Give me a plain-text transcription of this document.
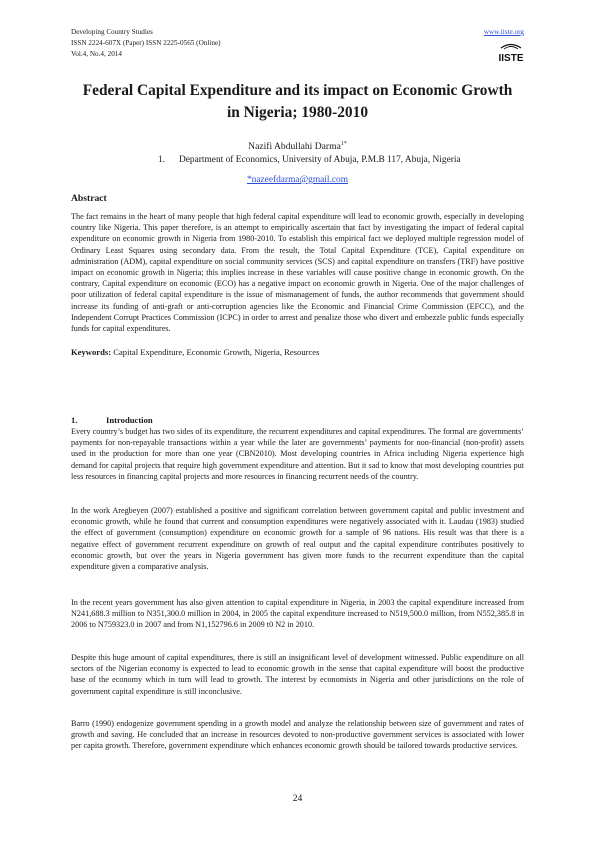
Developing Country Studies
ISSN 2224-607X (Paper) ISSN 2225-0565 (Online)
Vol.4, No.4, 2014
www.iiste.org
IISTE
Federal Capital Expenditure and its impact on Economic Growth
in Nigeria; 1980-2010
Nazifi Abdullahi Darma$^{1*}$
1. Department of Economics, University of Abuja, P.M.B 117, Abuja, Nigeria
*nazeefdarma@gmail.com
Abstract

The fact remains in the heart of many people that high federal capital expenditure will lead to economic growth, especially in developing country like Nigeria. This paper therefore, is an attempt to empirically ascertain that fact by investigating the impact of federal capital expenditure on economic growth in Nigeria from 1980-2010. To establish this empirical fact we deployed multiple regression model of Ordinary Least Squares using secondary data. From the result, the Total Capital Expenditure (TCE), Capital expenditure on administration (ADM), capital expenditure on social community services (SCS) and capital expenditure on transfers (TRF) have positive impact on economic growth in Nigeria; this implies increase in these variables will cause positive change in economic growth. On the contrary, Capital expenditure on economic (ECO) has a negative impact on economic growth in Nigeria. One of the major challenges of poor utilization of federal capital expenditure is the issue of mismanagement of funds, the author recommends that government should increase its funding of anti-graft or anti-corruption agencies like the Economic and Financial Crime Commission (EFCC), and the Independent Corrupt Practices Commission (ICPC) in order to arrest and penalize those who divert and embezzle public funds especially funds for capital expenditures.

Keywords: Capital Expenditure, Economic Growth, Nigeria, Resources
1.	Introduction

Every country’s budget has two sides of its expenditure, the recurrent expenditures and capital expenditures. The formal are governments’ payments for non-repayable transactions within a year while the later are governments’ payments for non-financial (non-profit) assets used in the production for more than one year (CBN2010). Most developing countries in Africa including Nigeria experience high demand for capital projects that require high government expenditure and attention. But it sad to know that most developing countries put less resources in financing capital projects and more resources in financing recurrent needs of the country.

In the work Aregbeyen (2007) established a positive and significant correlation between government capital and public investment and economic growth, while he found that current and consumption expenditures were negatively associated with it. Laudau (1983) studied the effect of government (consumption) expenditure on economic growth for a sample of 96 nations. His result was that there is a negative effect of government recurrent expenditure on growth of real output and the capital expenditure contributes positively to economic growth, but over the years in Nigeria government has given more funds to the recurrent expenditure than the capital expenditure given a comparative analysis.

In the recent years government has also given attention to capital expenditure in Nigeria, in 2003 the capital expenditure increased from N241,688.3 million to N351,300.0 million in 2004, in 2005 the capital expenditure increased to N519,500.0 million, from N552,385.8 in 2006 to N759323.0 in 2007 and from N1,152796.6 in 2009 t0 N2 in 2010.

Despite this huge amount of capital expenditures, there is still an insignificant level of development witnessed. Public expenditure on all sectors of the Nigerian economy is expected to lead to economic growth in the sense that capital expenditure will boost the productive base of the economy which in turn will lead to growth. The interest by economists in Nigeria and other jurisdictions on the role of government capital expenditure is still inconclusive.

Barro (1990) endogenize government spending in a growth model and analyze the relationship between size of government and rates of growth and saving. He concluded that an increase in resources devoted to non-productive government services is associated with lower per capita growth. Therefore, government expenditure which enhances economic growth should be tailored towards productive services.

24
